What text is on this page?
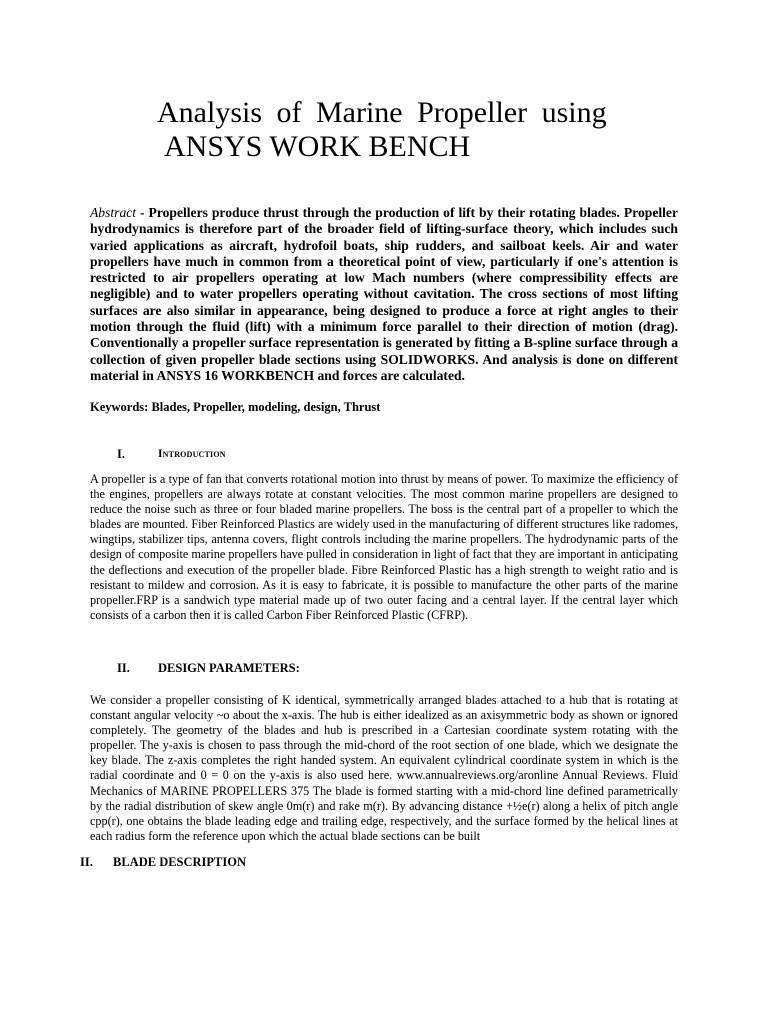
Analysis of Marine Propeller using
ANSYS WORK BENCH

Abstract - Propellers produce thrust through the production of lift by their rotating blades. Propeller hydrodynamics is therefore part of the broader field of lifting-surface theory, which includes such varied applications as aircraft, hydrofoil boats, ship rudders, and sailboat keels. Air and water propellers have much in common from a theoretical point of view, particularly if one's attention is restricted to air propellers operating at low Mach numbers (where compressibility effects are negligible) and to water propellers operating without cavitation. The cross sections of most lifting surfaces are also similar in appearance, being designed to produce a force at right angles to their motion through the fluid (lift) with a minimum force parallel to their direction of motion (drag). Conventionally a propeller surface representation is generated by fitting a B-spline surface through a collection of given propeller blade sections using SOLIDWORKS. And analysis is done on different material in ANSYS 16 WORKBENCH and forces are calculated.

Keywords: Blades, Propeller, modeling, design, Thrust

I.	Introduction

A propeller is a type of fan that converts rotational motion into thrust by means of power. To maximize the efficiency of the engines, propellers are always rotate at constant velocities. The most common marine propellers are designed to reduce the noise such as three or four bladed marine propellers. The boss is the central part of a propeller to which the blades are mounted. Fiber Reinforced Plastics are widely used in the manufacturing of different structures like radomes, wingtips, stabilizer tips, antenna covers, flight controls including the marine propellers. The hydrodynamic parts of the design of composite marine propellers have pulled in consideration in light of fact that they are important in anticipating the deflections and execution of the propeller blade. Fibre Reinforced Plastic has a high strength to weight ratio and is resistant to mildew and corrosion. As it is easy to fabricate, it is possible to manufacture the other parts of the marine propeller.FRP is a sandwich type material made up of two outer facing and a central layer. If the central layer which consists of a carbon then it is called Carbon Fiber Reinforced Plastic (CFRP).

II. DESIGN PARAMETERS:

We consider a propeller consisting of K identical, symmetrically arranged blades attached to a hub that is rotating at constant angular velocity ~o about the x-axis. The hub is either idealized as an axisymmetric body as shown or ignored completely. The geometry of the blades and hub is prescribed in a Cartesian coordinate system rotating with the propeller. The y-axis is chosen to pass through the mid-chord of the root section of one blade, which we designate the key blade. The z-axis completes the right handed system. An equivalent cylindrical coordinate system in which is the radial coordinate and 0 = 0 on the y-axis is also used here. www.annualreviews.org/aronline Annual Reviews. Fluid Mechanics of MARINE PROPELLERS 375 The blade is formed starting with a mid-chord line defined parametrically by the radial distribution of skew angle 0m(r) and rake m(r). By advancing distance +½e(r) along a helix of pitch angle cpp(r), one obtains the blade leading edge and trailing edge, respectively, and the surface formed by the helical lines at each radius form the reference upon which the actual blade sections can be built

II. BLADE DESCRIPTION
